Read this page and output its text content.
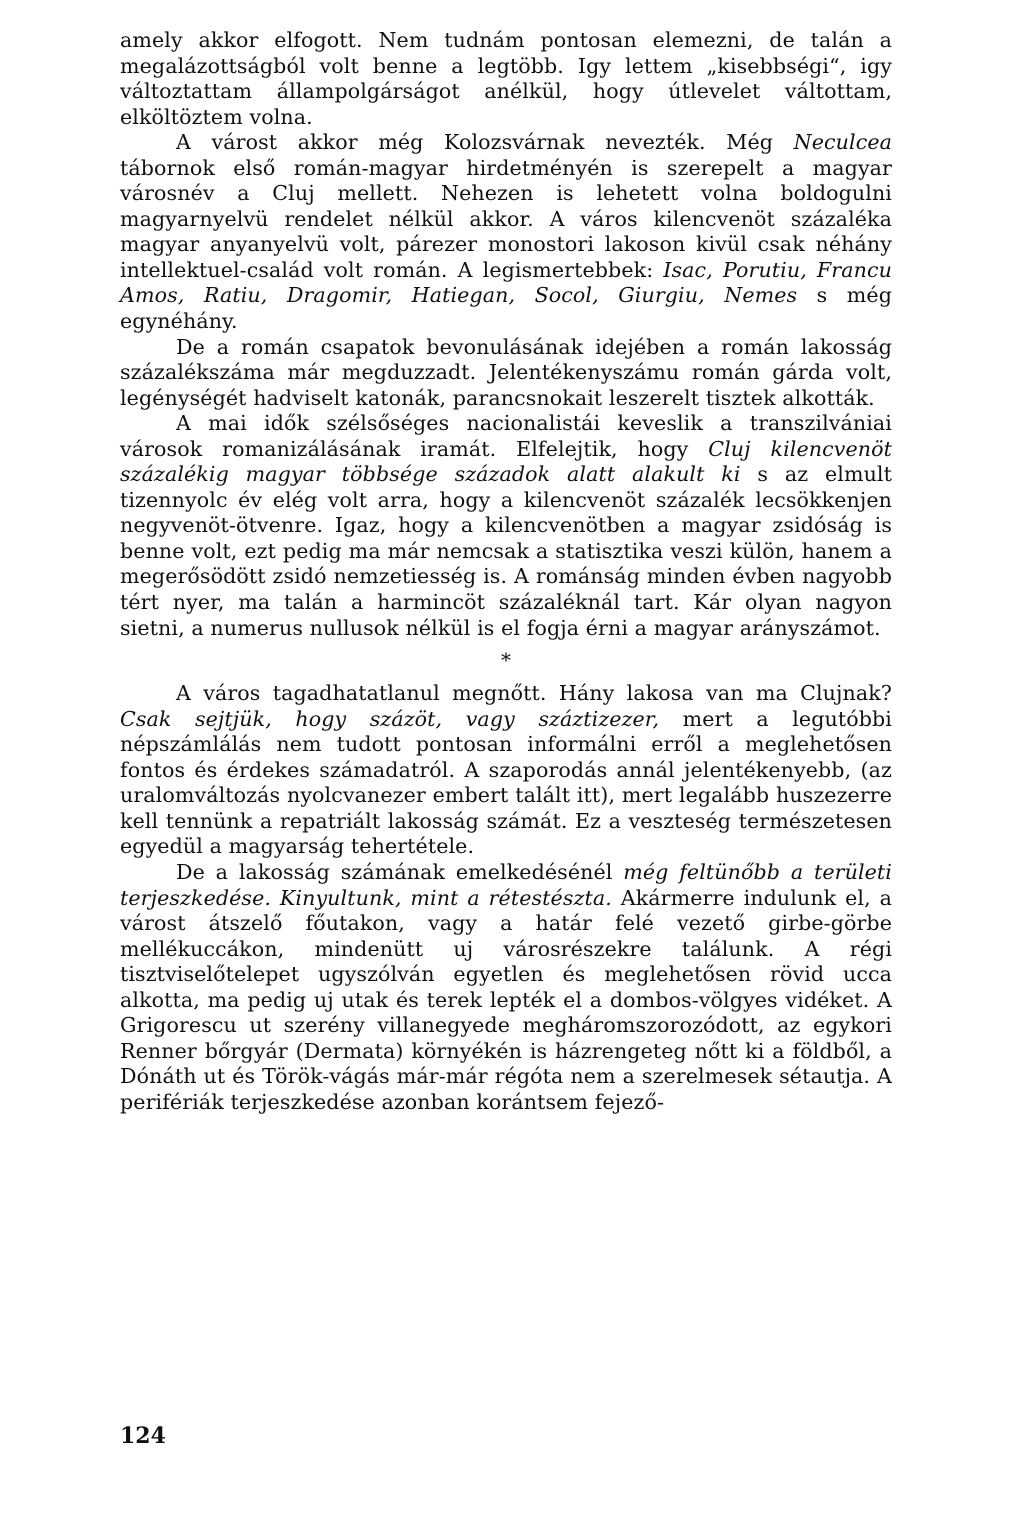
amely akkor elfogott. Nem tudnám pontosan elemezni, de talán a megalázottságból volt benne a legtöbb. Igy lettem „kisebbségi“, igy változtattam állampolgárságot anélkül, hogy útlevelet váltottam, elköltöztem volna.

A várost akkor még Kolozsvárnak nevezték. Még Neculcea tábornok első román-magyar hirdetményén is szerepelt a magyar városnév a Cluj mellett. Nehezen is lehetett volna boldogulni magyarnyelvü rendelet nélkül akkor. A város kilencvenöt százaléka magyar anyanyelvü volt, párezer monostori lakoson kivül csak néhány intellektuel-család volt román. A legismertebbek: Isac, Porutiu, Francu Amos, Ratiu, Dragomir, Hatiegan, Socol, Giurgiu, Nemes s még egynéhány.

De a román csapatok bevonulásának idejében a román lakosság százalékszáma már megduzzadt. Jelentékenyszámu román gárda volt, legénységét hadviselt katonák, parancsnokait leszerelt tisztek alkották.

A mai idők szélsőséges nacionalistái keveslik a transzilvániai városok romanizálásának iramát. Elfelejtik, hogy Cluj kilencvenöt százalékig magyar többsége századok alatt alakult ki s az elmult tizennyolc év elég volt arra, hogy a kilencvenöt százalék lecsökkenjen negyvenöt-ötvenre. Igaz, hogy a kilencvenötben a magyar zsidóság is benne volt, ezt pedig ma már nemcsak a statisztika veszi külön, hanem a megerősödött zsidó nemzetiesség is. A románság minden évben nagyobb tért nyer, ma talán a harmincöt százaléknál tart. Kár olyan nagyon sietni, a numerus nullusok nélkül is el fogja érni a magyar arányszámot.

*

A város tagadhatatlanul megnőtt. Hány lakosa van ma Clujnak? Csak sejtjük, hogy százöt, vagy száztizezer, mert a legutóbbi népszámlálás nem tudott pontosan informálni erről a meglehetősen fontos és érdekes számadatról. A szaporodás annál jelentékenyebb, (az uralomváltozás nyolcvanezer embert talált itt), mert legalább huszezerre kell tennünk a repatriált lakosság számát. Ez a veszteség természetesen egyedül a magyarság tehertétele.

De a lakosság számának emelkedésénél még feltünőbb a területi terjeszkedése. Kinyultunk, mint a rétestészta. Akármerre indulunk el, a várost átszelő főutakon, vagy a határ felé vezető girbe-görbe mellékuccákon, mindenütt uj városrészekre találunk. A régi tisztviselőtelepet ugyszólván egyetlen és meglehetősen rövid ucca alkotta, ma pedig uj utak és terek lepték el a dombos-völgyes vidéket. A Grigorescu ut szerény villanegyede megháromszorozódott, az egykori Renner bőrgyár (Dermata) környékén is házrengeteg nőtt ki a földből, a Dónáth ut és Török-vágás már-már régóta nem a szerelmesek sétautja. A perifériák terjeszkedése azonban korántsem fejező-

124
